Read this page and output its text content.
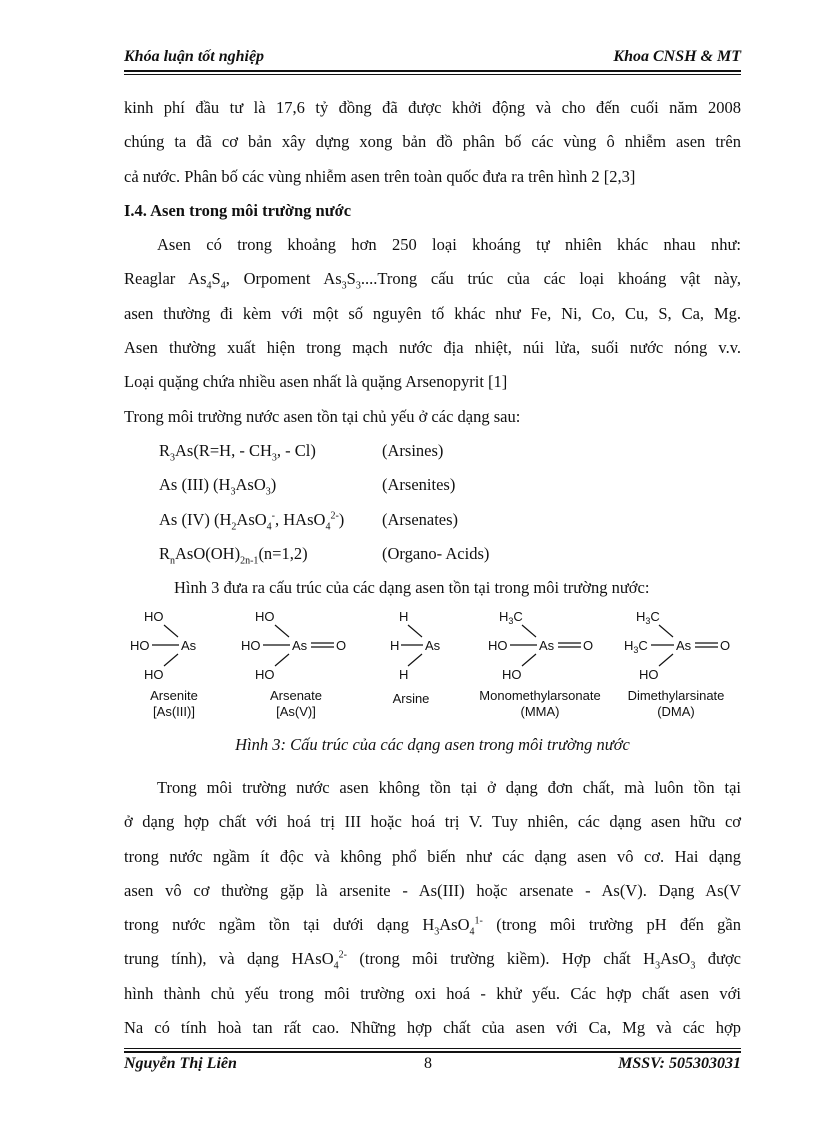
Khóa luận tốt nghiệp	Khoa CNSH & MT
kinh phí đầu tư là 17,6 tỷ đồng đã được khởi động và cho đến cuối năm 2008
chúng ta đã cơ bản xây dựng xong bản đồ phân bố các vùng ô nhiễm asen trên
cả nước. Phân bố các vùng nhiễm asen trên toàn quốc đưa ra trên hình 2 [2,3]
I.4. Asen trong môi trường nước
Asen có trong khoảng hơn 250 loại khoáng tự nhiên khác nhau như:
Reaglar $As_4S_4$, Orpoment $As_3S_3....Trong$ cấu trúc của các loại khoáng vật này,
asen thường đi kèm với một số nguyên tố khác như Fe, Ni, Co, Cu, S, Ca, Mg.
Asen thường xuất hiện trong mạch nước địa nhiệt, núi lửa, suối nước nóng v.v.
Loại quặng chứa nhiều asen nhất là quặng Arsenopyrit [1]
Trong môi trường nước asen tồn tại chủ yếu ở các dạng sau:
$R_3As(R=H$, - $CH_3$, - Cl)	(Arsines)
As (III) $(H_3AsO_3)$	(Arsenites)
As (IV) ($H_2AsO_4^-$, HAsO$_4^{2-}$) (Arsenates)
$R_nAsO(OH)_{2n-1}(n=1,2)$	(Organo- Acids)
Hình 3 đưa ra cấu trúc của các dạng asen tồn tại trong môi trường nước:
HO
HO As
HO
Arsenite
[As(III)]
HO
HO As O
HO
Arsenate
[As(V)]
H
H As
H
Arsine
$H_3C$
HO As O
HO
Monomethylarsonate
(MMA)
$H_3C$
$H_3C$ As O
HO
Dimethylarsinate
(DMA)
Hình 3: Cấu trúc của các dạng asen trong môi trường nước
Trong môi trường nước asen không tồn tại ở dạng đơn chất, mà luôn tồn tại
ở dạng hợp chất với hoá trị III hoặc hoá trị V. Tuy nhiên, các dạng asen hữu cơ
trong nước ngầm ít độc và không phổ biến như các dạng asen vô cơ. Hai dạng
asen vô cơ thường gặp là arsenite - As(III) hoặc arsenate - As(V). Dạng As(V
trong nước ngầm tồn tại dưới dạng $H_3AsO_4^{1-}$ (trong môi trường pH đến gần
trung tính), và dạng HAsO$_4^{2-}$ (trong môi trường kiềm). Hợp chất $H_3AsO_3$ được
hình thành chủ yếu trong môi trường oxi hoá - khử yếu. Các hợp chất asen với
Na có tính hoà tan rất cao. Những hợp chất của asen với Ca, Mg và các hợp
Nguyễn Thị Liên	8	MSSV: 505303031
